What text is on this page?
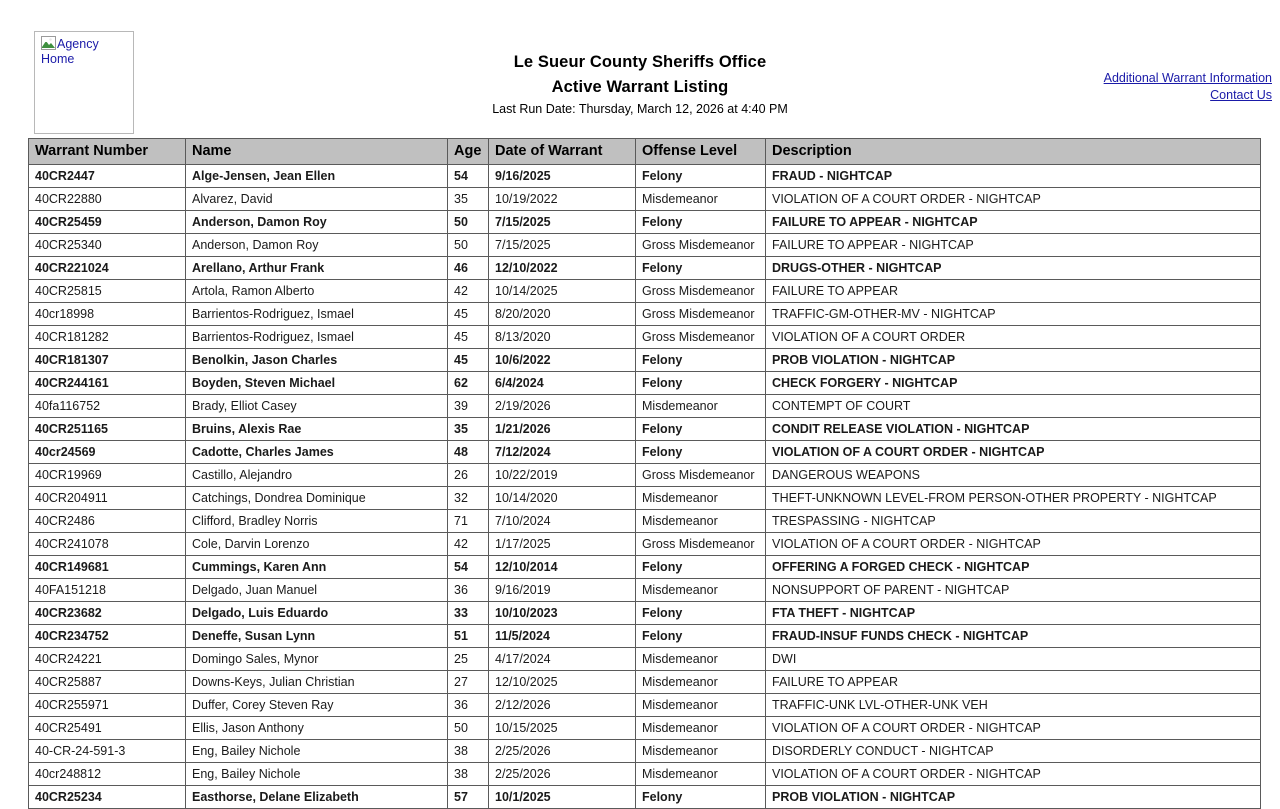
Agency
Home	Le Sueur County Sheriffs Office
Active Warrant Listing
Last Run Date: Thursday, March 12, 2026 at 4:40 PM
Additional Warrant Information
Contact Us
Warrant Number	Name	Age	Date of Warrant	Offense Level	Description
40CR2447	Alge-Jensen, Jean Ellen	54	9/16/2025	Felony	FRAUD - NIGHTCAP
40CR22880	Alvarez, David	35	10/19/2022	Misdemeanor	VIOLATION OF A COURT ORDER - NIGHTCAP
40CR25459	Anderson, Damon Roy	50	7/15/2025	Felony	FAILURE TO APPEAR - NIGHTCAP
40CR25340	Anderson, Damon Roy	50	7/15/2025	Gross Misdemeanor	FAILURE TO APPEAR - NIGHTCAP
40CR221024	Arellano, Arthur Frank	46	12/10/2022	Felony	DRUGS-OTHER - NIGHTCAP
40CR25815	Artola, Ramon Alberto	42	10/14/2025	Gross Misdemeanor	FAILURE TO APPEAR
40cr18998	Barrientos-Rodriguez, Ismael	45	8/20/2020	Gross Misdemeanor	TRAFFIC-GM-OTHER-MV - NIGHTCAP
40CR181282	Barrientos-Rodriguez, Ismael	45	8/13/2020	Gross Misdemeanor	VIOLATION OF A COURT ORDER
40CR181307	Benolkin, Jason Charles	45	10/6/2022	Felony	PROB VIOLATION - NIGHTCAP
40CR244161	Boyden, Steven Michael	62	6/4/2024	Felony	CHECK FORGERY - NIGHTCAP
40fa116752	Brady, Elliot Casey	39	2/19/2026	Misdemeanor	CONTEMPT OF COURT
40CR251165	Bruins, Alexis Rae	35	1/21/2026	Felony	CONDIT RELEASE VIOLATION - NIGHTCAP
40cr24569	Cadotte, Charles James	48	7/12/2024	Felony	VIOLATION OF A COURT ORDER - NIGHTCAP
40CR19969	Castillo, Alejandro	26	10/22/2019	Gross Misdemeanor	DANGEROUS WEAPONS
40CR204911	Catchings, Dondrea Dominique	32	10/14/2020	Misdemeanor	THEFT-UNKNOWN LEVEL-FROM PERSON-OTHER PROPERTY - NIGHTCAP
40CR2486	Clifford, Bradley Norris	71	7/10/2024	Misdemeanor	TRESPASSING - NIGHTCAP
40CR241078	Cole, Darvin Lorenzo	42	1/17/2025	Gross Misdemeanor	VIOLATION OF A COURT ORDER - NIGHTCAP
40CR149681	Cummings, Karen Ann	54	12/10/2014	Felony	OFFERING A FORGED CHECK - NIGHTCAP
40FA151218	Delgado, Juan Manuel	36	9/16/2019	Misdemeanor	NONSUPPORT OF PARENT - NIGHTCAP
40CR23682	Delgado, Luis Eduardo	33	10/10/2023	Felony	FTA THEFT - NIGHTCAP
40CR234752	Deneffe, Susan Lynn	51	11/5/2024	Felony	FRAUD-INSUF FUNDS CHECK - NIGHTCAP
40CR24221	Domingo Sales, Mynor	25	4/17/2024	Misdemeanor	DWI
40CR25887	Downs-Keys, Julian Christian	27	12/10/2025	Misdemeanor	FAILURE TO APPEAR
40CR255971	Duffer, Corey Steven Ray	36	2/12/2026	Misdemeanor	TRAFFIC-UNK LVL-OTHER-UNK VEH
40CR25491	Ellis, Jason Anthony	50	10/15/2025	Misdemeanor	VIOLATION OF A COURT ORDER - NIGHTCAP
40-CR-24-591-3	Eng, Bailey Nichole	38	2/25/2026	Misdemeanor	DISORDERLY CONDUCT - NIGHTCAP
40cr248812	Eng, Bailey Nichole	38	2/25/2026	Misdemeanor	VIOLATION OF A COURT ORDER - NIGHTCAP
40CR25234	Easthorse, Delane Elizabeth	57	10/1/2025	Felony	PROB VIOLATION - NIGHTCAP
